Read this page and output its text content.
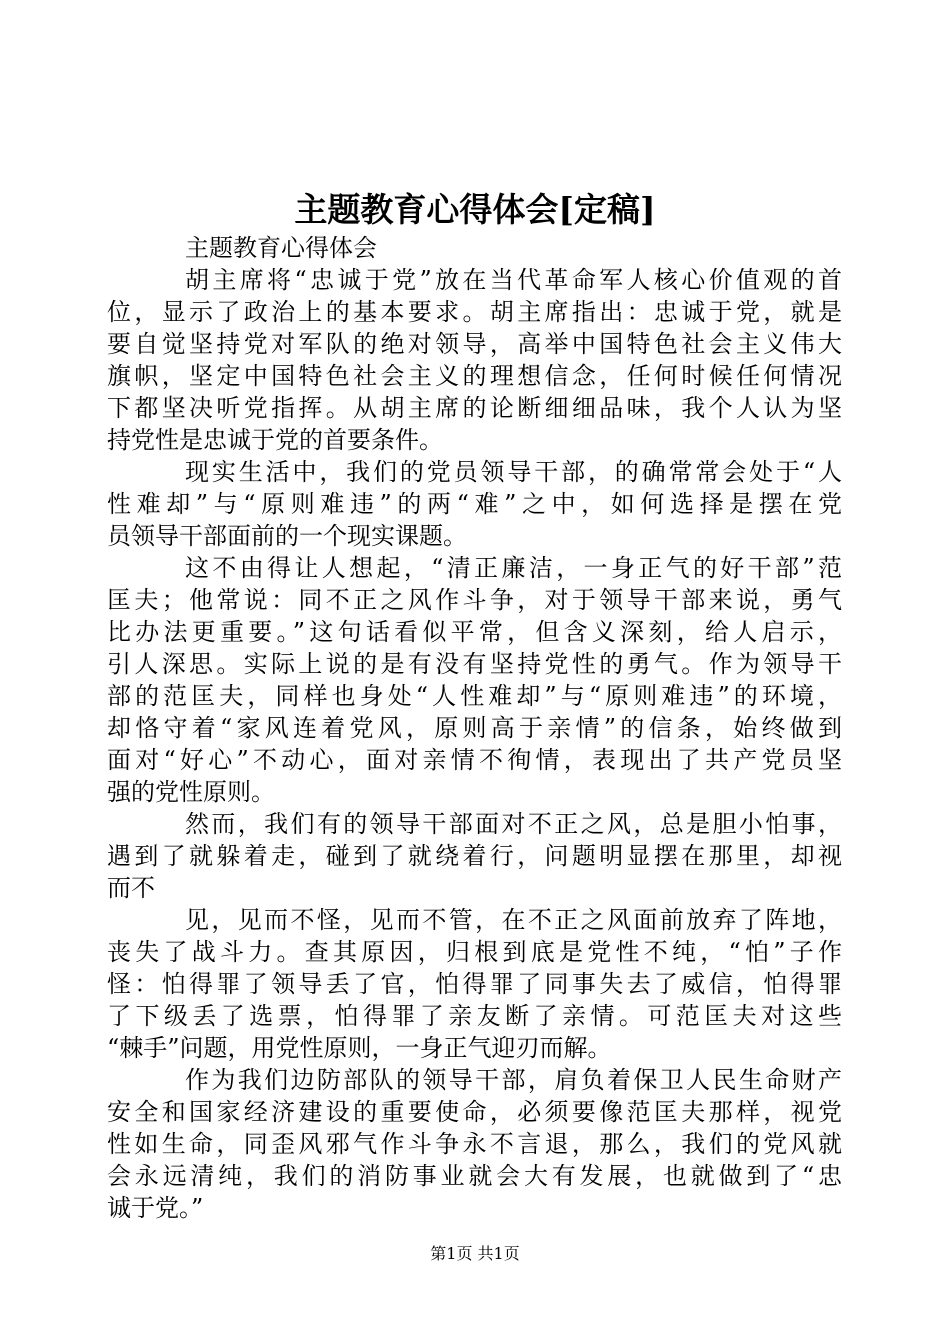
主题教育心得体会[定稿]
主题教育心得体会
胡主席将“忠诚于党”放在当代革命军人核心价值观的首
位，显示了政治上的基本要求。胡主席指出：忠诚于党，就是
要自觉坚持党对军队的绝对领导，高举中国特色社会主义伟大
旗帜，坚定中国特色社会主义的理想信念，任何时候任何情况
下都坚决听党指挥。从胡主席的论断细细品味，我个人认为坚
持党性是忠诚于党的首要条件。
现实生活中，我们的党员领导干部，的确常常会处于“人
性难却”与“原则难违”的两“难”之中，如何选择是摆在党
员领导干部面前的一个现实课题。
这不由得让人想起，“清正廉洁，一身正气的好干部”范
匡夫；他常说：同不正之风作斗争，对于领导干部来说，勇气
比办法更重要。”这句话看似平常，但含义深刻，给人启示，
引人深思。实际上说的是有没有坚持党性的勇气。作为领导干
部的范匡夫，同样也身处“人性难却”与“原则难违”的环境，
却恪守着“家风连着党风，原则高于亲情”的信条，始终做到
面对“好心”不动心，面对亲情不徇情，表现出了共产党员坚
强的党性原则。
然而，我们有的领导干部面对不正之风，总是胆小怕事，
遇到了就躲着走，碰到了就绕着行，问题明显摆在那里，却视
而不
见，见而不怪，见而不管，在不正之风面前放弃了阵地，
丧失了战斗力。查其原因，归根到底是党性不纯，“怕”子作
怪：怕得罪了领导丢了官，怕得罪了同事失去了威信，怕得罪
了下级丢了选票，怕得罪了亲友断了亲情。可范匡夫对这些
“棘手”问题，用党性原则，一身正气迎刃而解。
作为我们边防部队的领导干部，肩负着保卫人民生命财产
安全和国家经济建设的重要使命，必须要像范匡夫那样，视党
性如生命，同歪风邪气作斗争永不言退，那么，我们的党风就
会永远清纯，我们的消防事业就会大有发展，也就做到了“忠
诚于党。”
第1页 共1页
